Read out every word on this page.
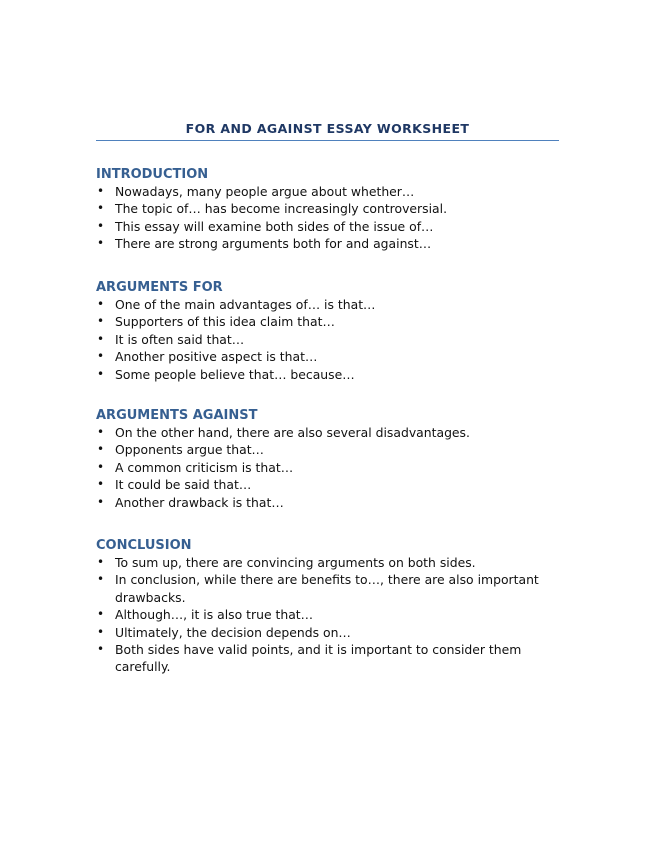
FOR AND AGAINST ESSAY WORKSHEET
INTRODUCTION
• Nowadays, many people argue about whether…
• The topic of… has become increasingly controversial.
• This essay will examine both sides of the issue of…
• There are strong arguments both for and against…
ARGUMENTS FOR
• One of the main advantages of… is that…
• Supporters of this idea claim that…
• It is often said that…
• Another positive aspect is that…
• Some people believe that… because…
ARGUMENTS AGAINST
• On the other hand, there are also several disadvantages.
• Opponents argue that…
• A common criticism is that…
• It could be said that…
• Another drawback is that…
CONCLUSION
• To sum up, there are convincing arguments on both sides.
• In conclusion, while there are benefits to…, there are also important drawbacks.
• Although…, it is also true that…
• Ultimately, the decision depends on…
• Both sides have valid points, and it is important to consider them carefully.
